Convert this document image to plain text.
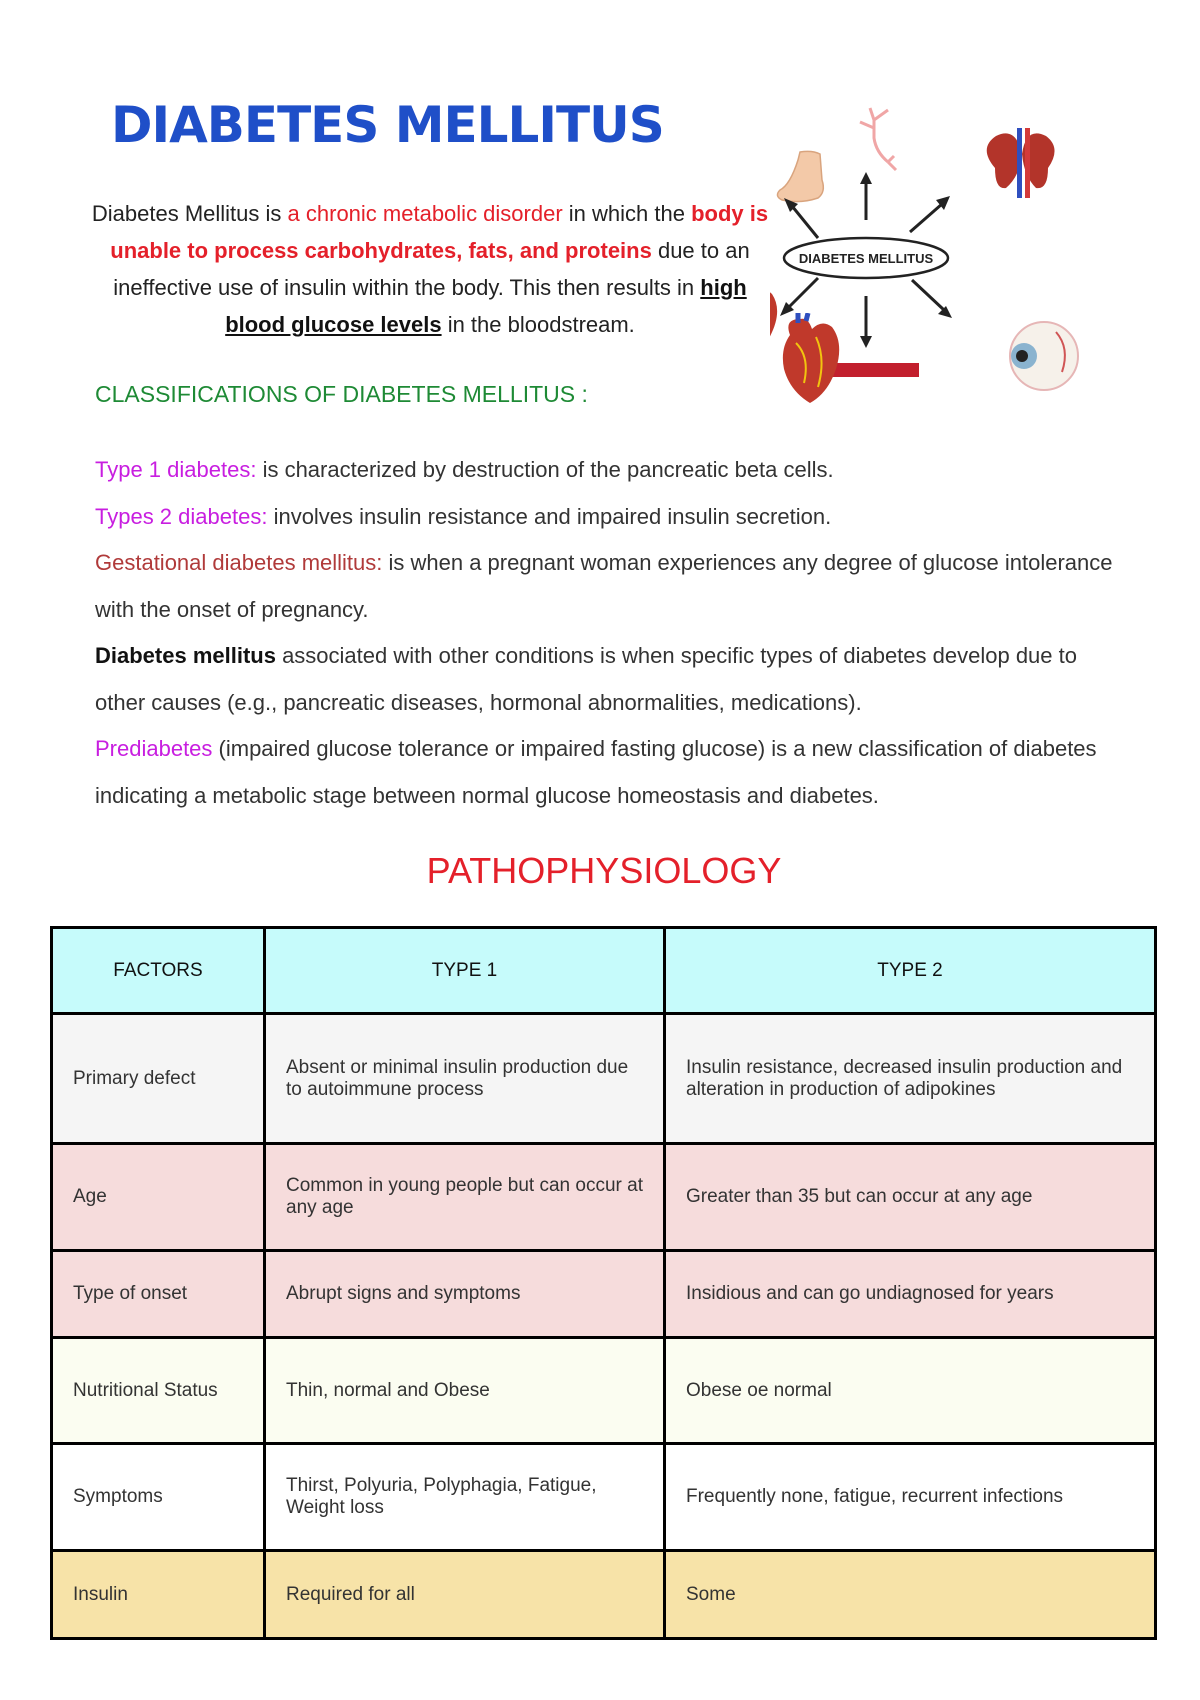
DIABETES MELLITUS
Diabetes Mellitus is a chronic metabolic disorder in which the body is unable to process carbohydrates, fats, and proteins due to an ineffective use of insulin within the body. This then results in high blood glucose levels in the bloodstream.
DIABETES MELLITUS
CLASSIFICATIONS OF DIABETES MELLITUS :

Type 1 diabetes: is characterized by destruction of the pancreatic beta cells.

Types 2 diabetes: involves insulin resistance and impaired insulin secretion.

Gestational diabetes mellitus: is when a pregnant woman experiences any degree of glucose intolerance with the onset of pregnancy.

Diabetes mellitus associated with other conditions is when specific types of diabetes develop due to other causes (e.g., pancreatic diseases, hormonal abnormalities, medications).

Prediabetes (impaired glucose tolerance or impaired fasting glucose) is a new classification of diabetes indicating a metabolic stage between normal glucose homeostasis and diabetes.

PATHOPHYSIOLOGY
FACTORS	TYPE 1	TYPE 2
Primary defect	Absent or minimal insulin production due to autoimmune process	Insulin resistance, decreased insulin production and alteration in production of adipokines
Age	Common in young people but can occur at any age	Greater than 35 but can occur at any age
Type of onset	Abrupt signs and symptoms	Insidious and can go undiagnosed for years
Nutritional Status	Thin, normal and Obese	Obese oe normal
Symptoms	Thirst, Polyuria, Polyphagia, Fatigue, Weight loss	Frequently none, fatigue, recurrent infections
Insulin	Required for all	Some
